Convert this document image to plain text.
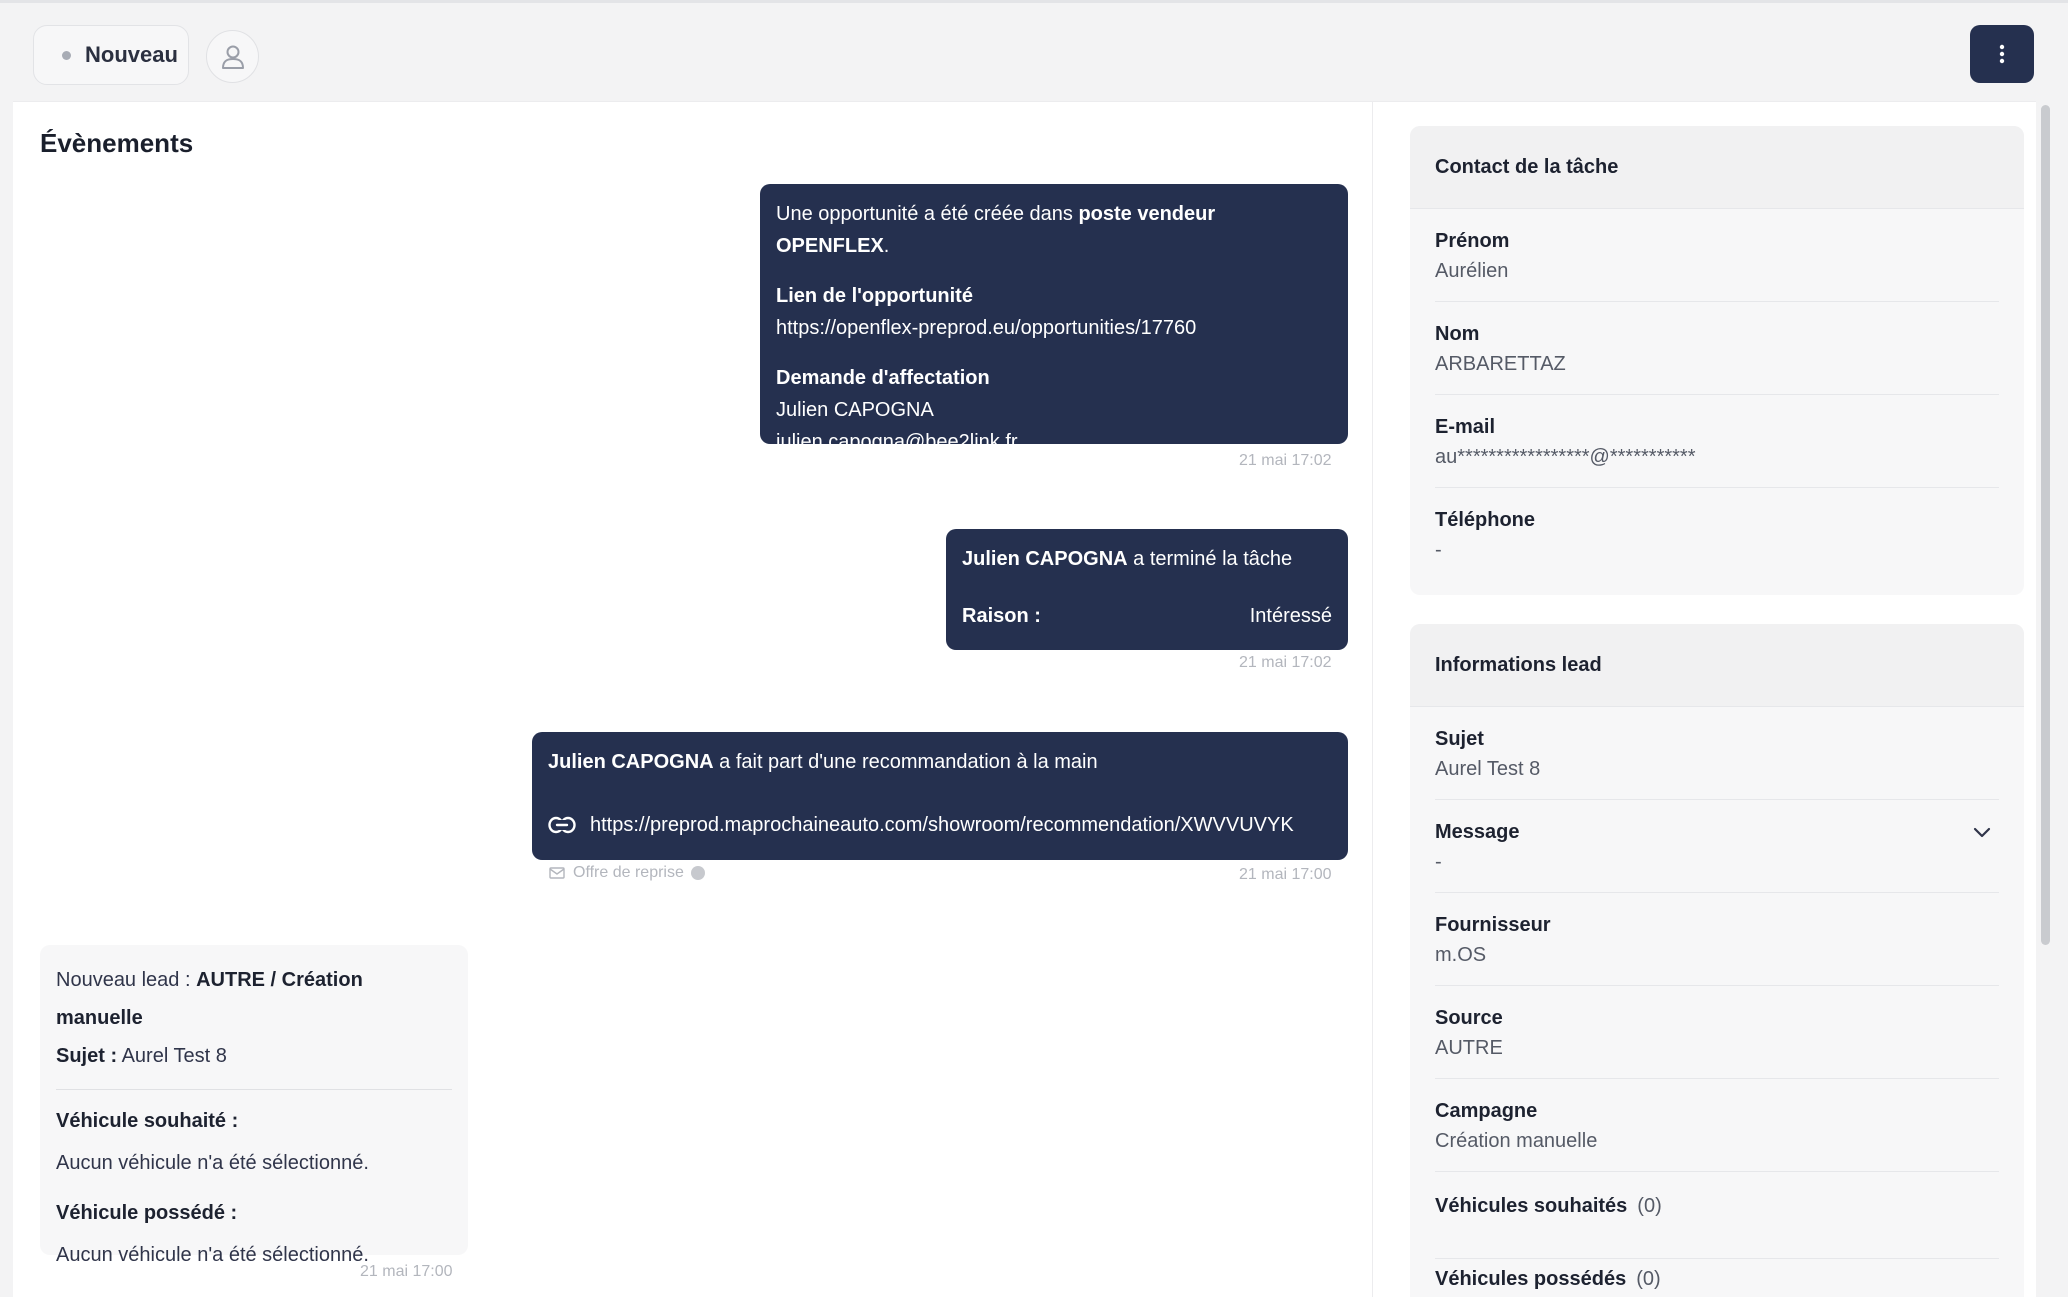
Nouveau
Évènements
Une opportunité a été créée dans poste vendeur OPENFLEX.
Lien de l'opportunité
https://openflex-preprod.eu/opportunities/17760
Demande d'affectation
Julien CAPOGNA
julien.capogna@bee2link.fr
21 mai 17:02
Julien CAPOGNA a terminé la tâche
Raison :	Intéressé
21 mai 17:02
Julien CAPOGNA a fait part d'une recommandation à la main
https://preprod.maprochaineauto.com/showroom/recommendation/XWVVUVYK
Offre de reprise	21 mai 17:00
Nouveau lead : AUTRE / Création manuelle
Sujet : Aurel Test 8
Véhicule souhaité :
Aucun véhicule n'a été sélectionné.
Véhicule possédé :
Aucun véhicule n'a été sélectionné.
21 mai 17:00
Contact de la tâche
Prénom
Aurélien
Nom
ARBARETTAZ
E-mail
au*****************@***********
Téléphone
-
Informations lead
Sujet
Aurel Test 8
Message
-
Fournisseur
m.OS
Source
AUTRE
Campagne
Création manuelle
Véhicules souhaités (0)
Véhicules possédés (0)
